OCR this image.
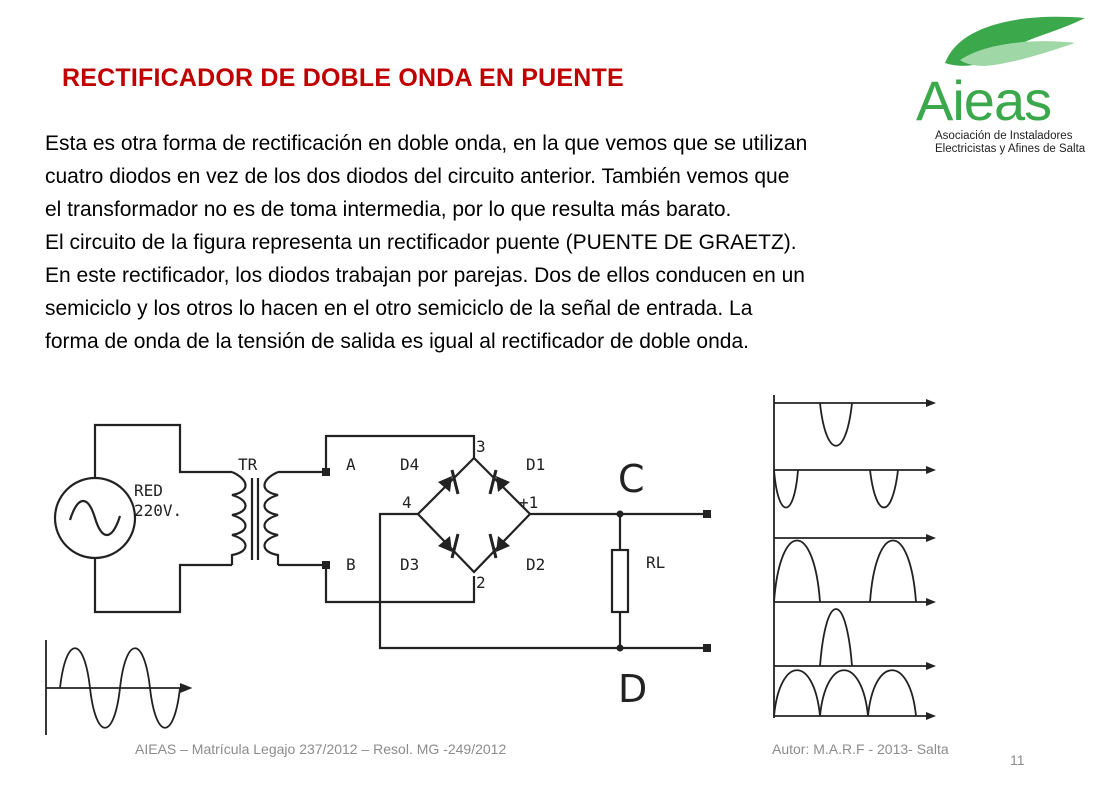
RECTIFICADOR DE DOBLE ONDA EN PUENTE
Esta es otra forma de rectificación en doble onda, en la que vemos que se utilizan
cuatro diodos en vez de los dos diodos del circuito anterior. También vemos que
el transformador no es de toma intermedia, por lo que resulta más barato.
El circuito de la figura representa un rectificador puente (PUENTE DE GRAETZ).
En este rectificador, los diodos trabajan por parejas. Dos de ellos conducen en un
semiciclo y los otros lo hacen en el otro semiciclo de la señal de entrada. La
forma de onda de la tensión de salida es igual al rectificador de doble onda.
Aieas
Asociación de Instaladores
Electricistas y Afines de Salta
RED
220V.
TR	A
B
D4	D1
D3	D2
+1
2
3
4
RL
C
D
AIEAS – Matrícula Legajo 237/2012 – Resol. MG -249/2012	Autor: M.A.R.F - 2013- Salta
11
